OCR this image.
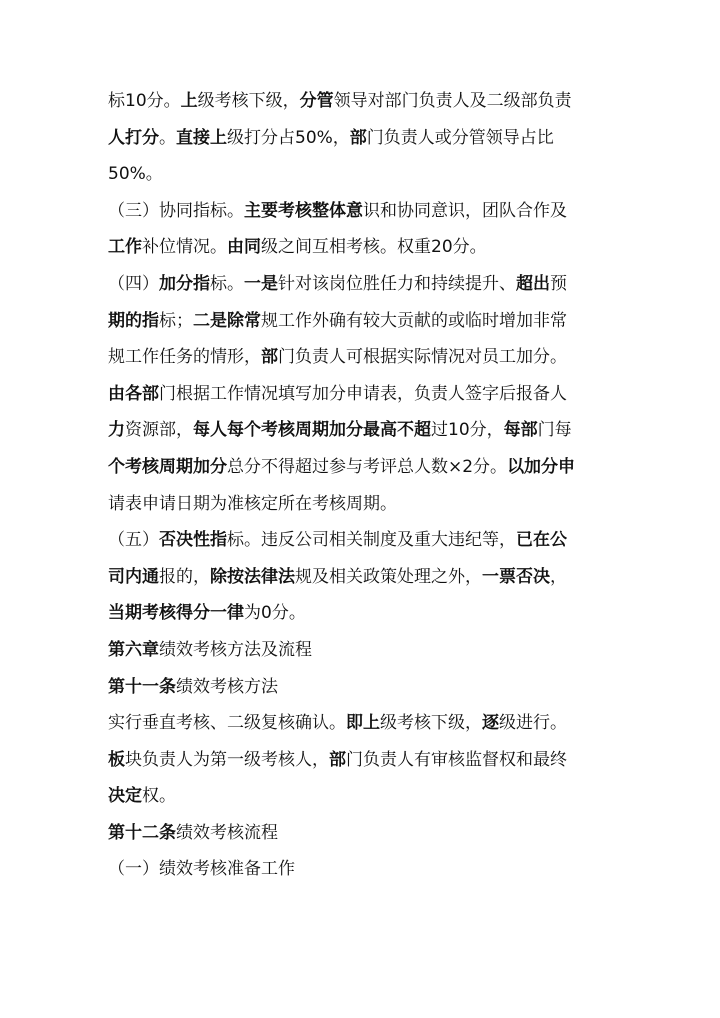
标10分。上级考核下级，分管领导对部门负责人及二级部负责
人打分。直接上级打分占50%，部门负责人或分管领导占比
50%。
（三）协同指标。主要考核整体意识和协同意识，团队合作及
工作补位情况。由同级之间互相考核。权重20分。
（四）加分指标。一是针对该岗位胜任力和持续提升、超出预
期的指标；二是除常规工作外确有较大贡献的或临时增加非常
规工作任务的情形，部门负责人可根据实际情况对员工加分。
由各部门根据工作情况填写加分申请表，负责人签字后报备人
力资源部，每人每个考核周期加分最高不超过10分，每部门每
个考核周期加分总分不得超过参与考评总人数×2分。以加分申
请表申请日期为准核定所在考核周期。
（五）否决性指标。违反公司相关制度及重大违纪等，已在公
司内通报的，除按法律法规及相关政策处理之外，一票否决，
当期考核得分一律为0分。
第六章绩效考核方法及流程
第十一条绩效考核方法
实行垂直考核、二级复核确认。即上级考核下级，逐级进行。
板块负责人为第一级考核人，部门负责人有审核监督权和最终
决定权。
第十二条绩效考核流程
（一）绩效考核准备工作
